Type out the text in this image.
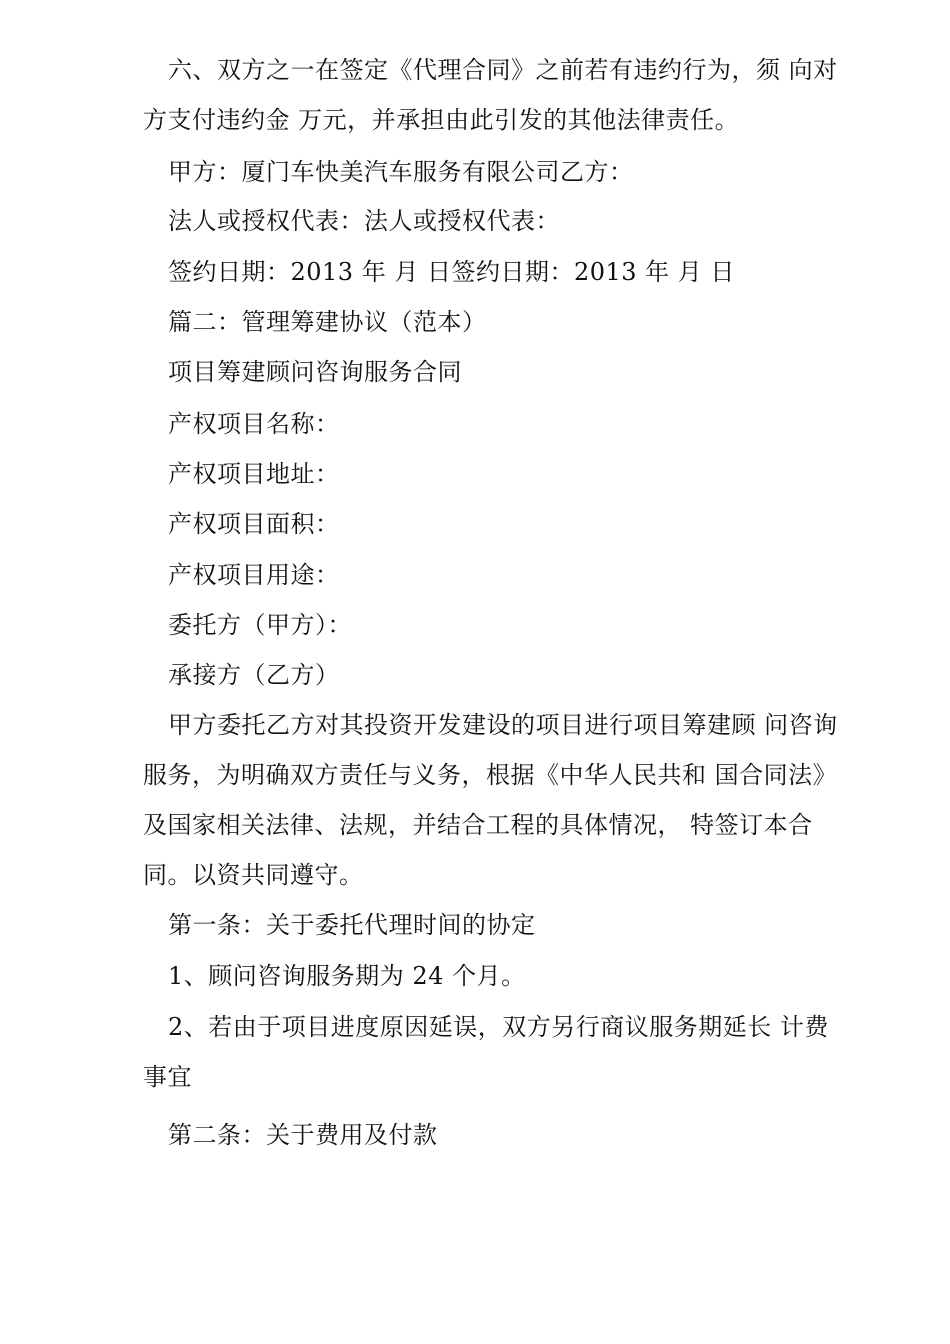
六、双方之一在签定《代理合同》之前若有违约行为，须 向对
方支付违约金 万元，并承担由此引发的其他法律责任。
甲方：厦门车快美汽车服务有限公司乙方：
法人或授权代表：法人或授权代表：
签约日期：2013 年 月 日签约日期：2013 年 月 日
篇二：管理筹建协议（范本）
项目筹建顾问咨询服务合同
产权项目名称：
产权项目地址：
产权项目面积：
产权项目用途：
委托方（甲方）：
承接方（乙方）
甲方委托乙方对其投资开发建设的项目进行项目筹建顾 问咨询
服务，为明确双方责任与义务，根据《中华人民共和 国合同法》
及国家相关法律、法规，并结合工程的具体情况， 特签订本合
同。以资共同遵守。
第一条：关于委托代理时间的协定
1、顾问咨询服务期为 24 个月。
2、若由于项目进度原因延误，双方另行商议服务期延长 计费
事宜
第二条：关于费用及付款
